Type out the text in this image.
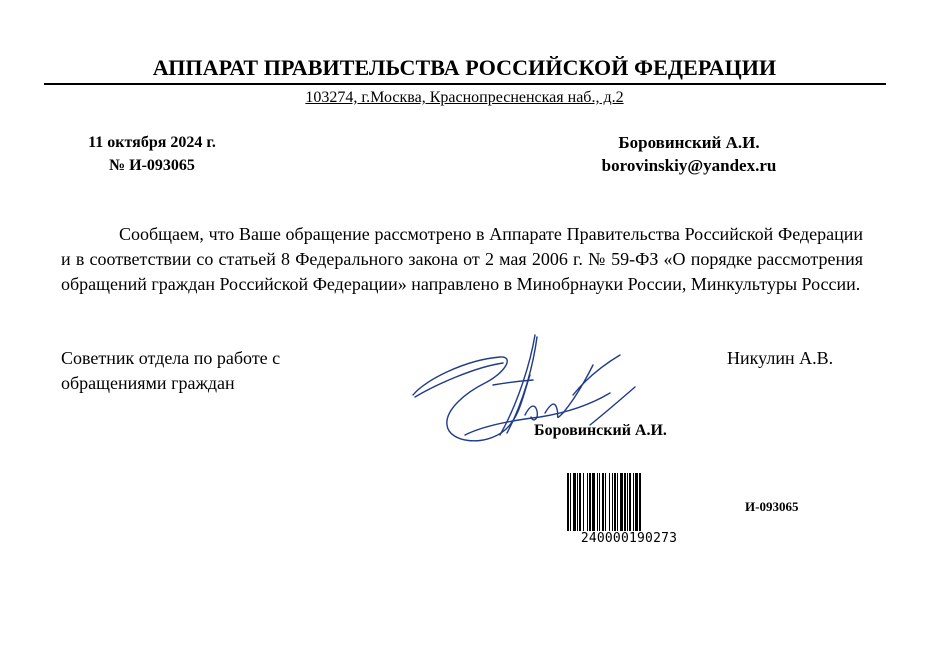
АППАРАТ ПРАВИТЕЛЬСТВА РОССИЙСКОЙ ФЕДЕРАЦИИ
103274, г.Москва, Краснопресненская наб., д.2
11 октября 2024 г.
№ И-093065
Боровинский А.И.
borovinskiy@yandex.ru
Сообщаем, что Ваше обращение рассмотрено в Аппарате Правительства Российской Федерации и в соответствии со статьей 8 Федерального закона от 2 мая 2006 г. № 59-ФЗ «О порядке рассмотрения обращений граждан Российской Федерации» направлено в Минобрнауки России, Минкультуры России.
Советник отдела по работе с
обращениями граждан
Никулин А.В.
Боровинский А.И.
240000190273
И-093065
